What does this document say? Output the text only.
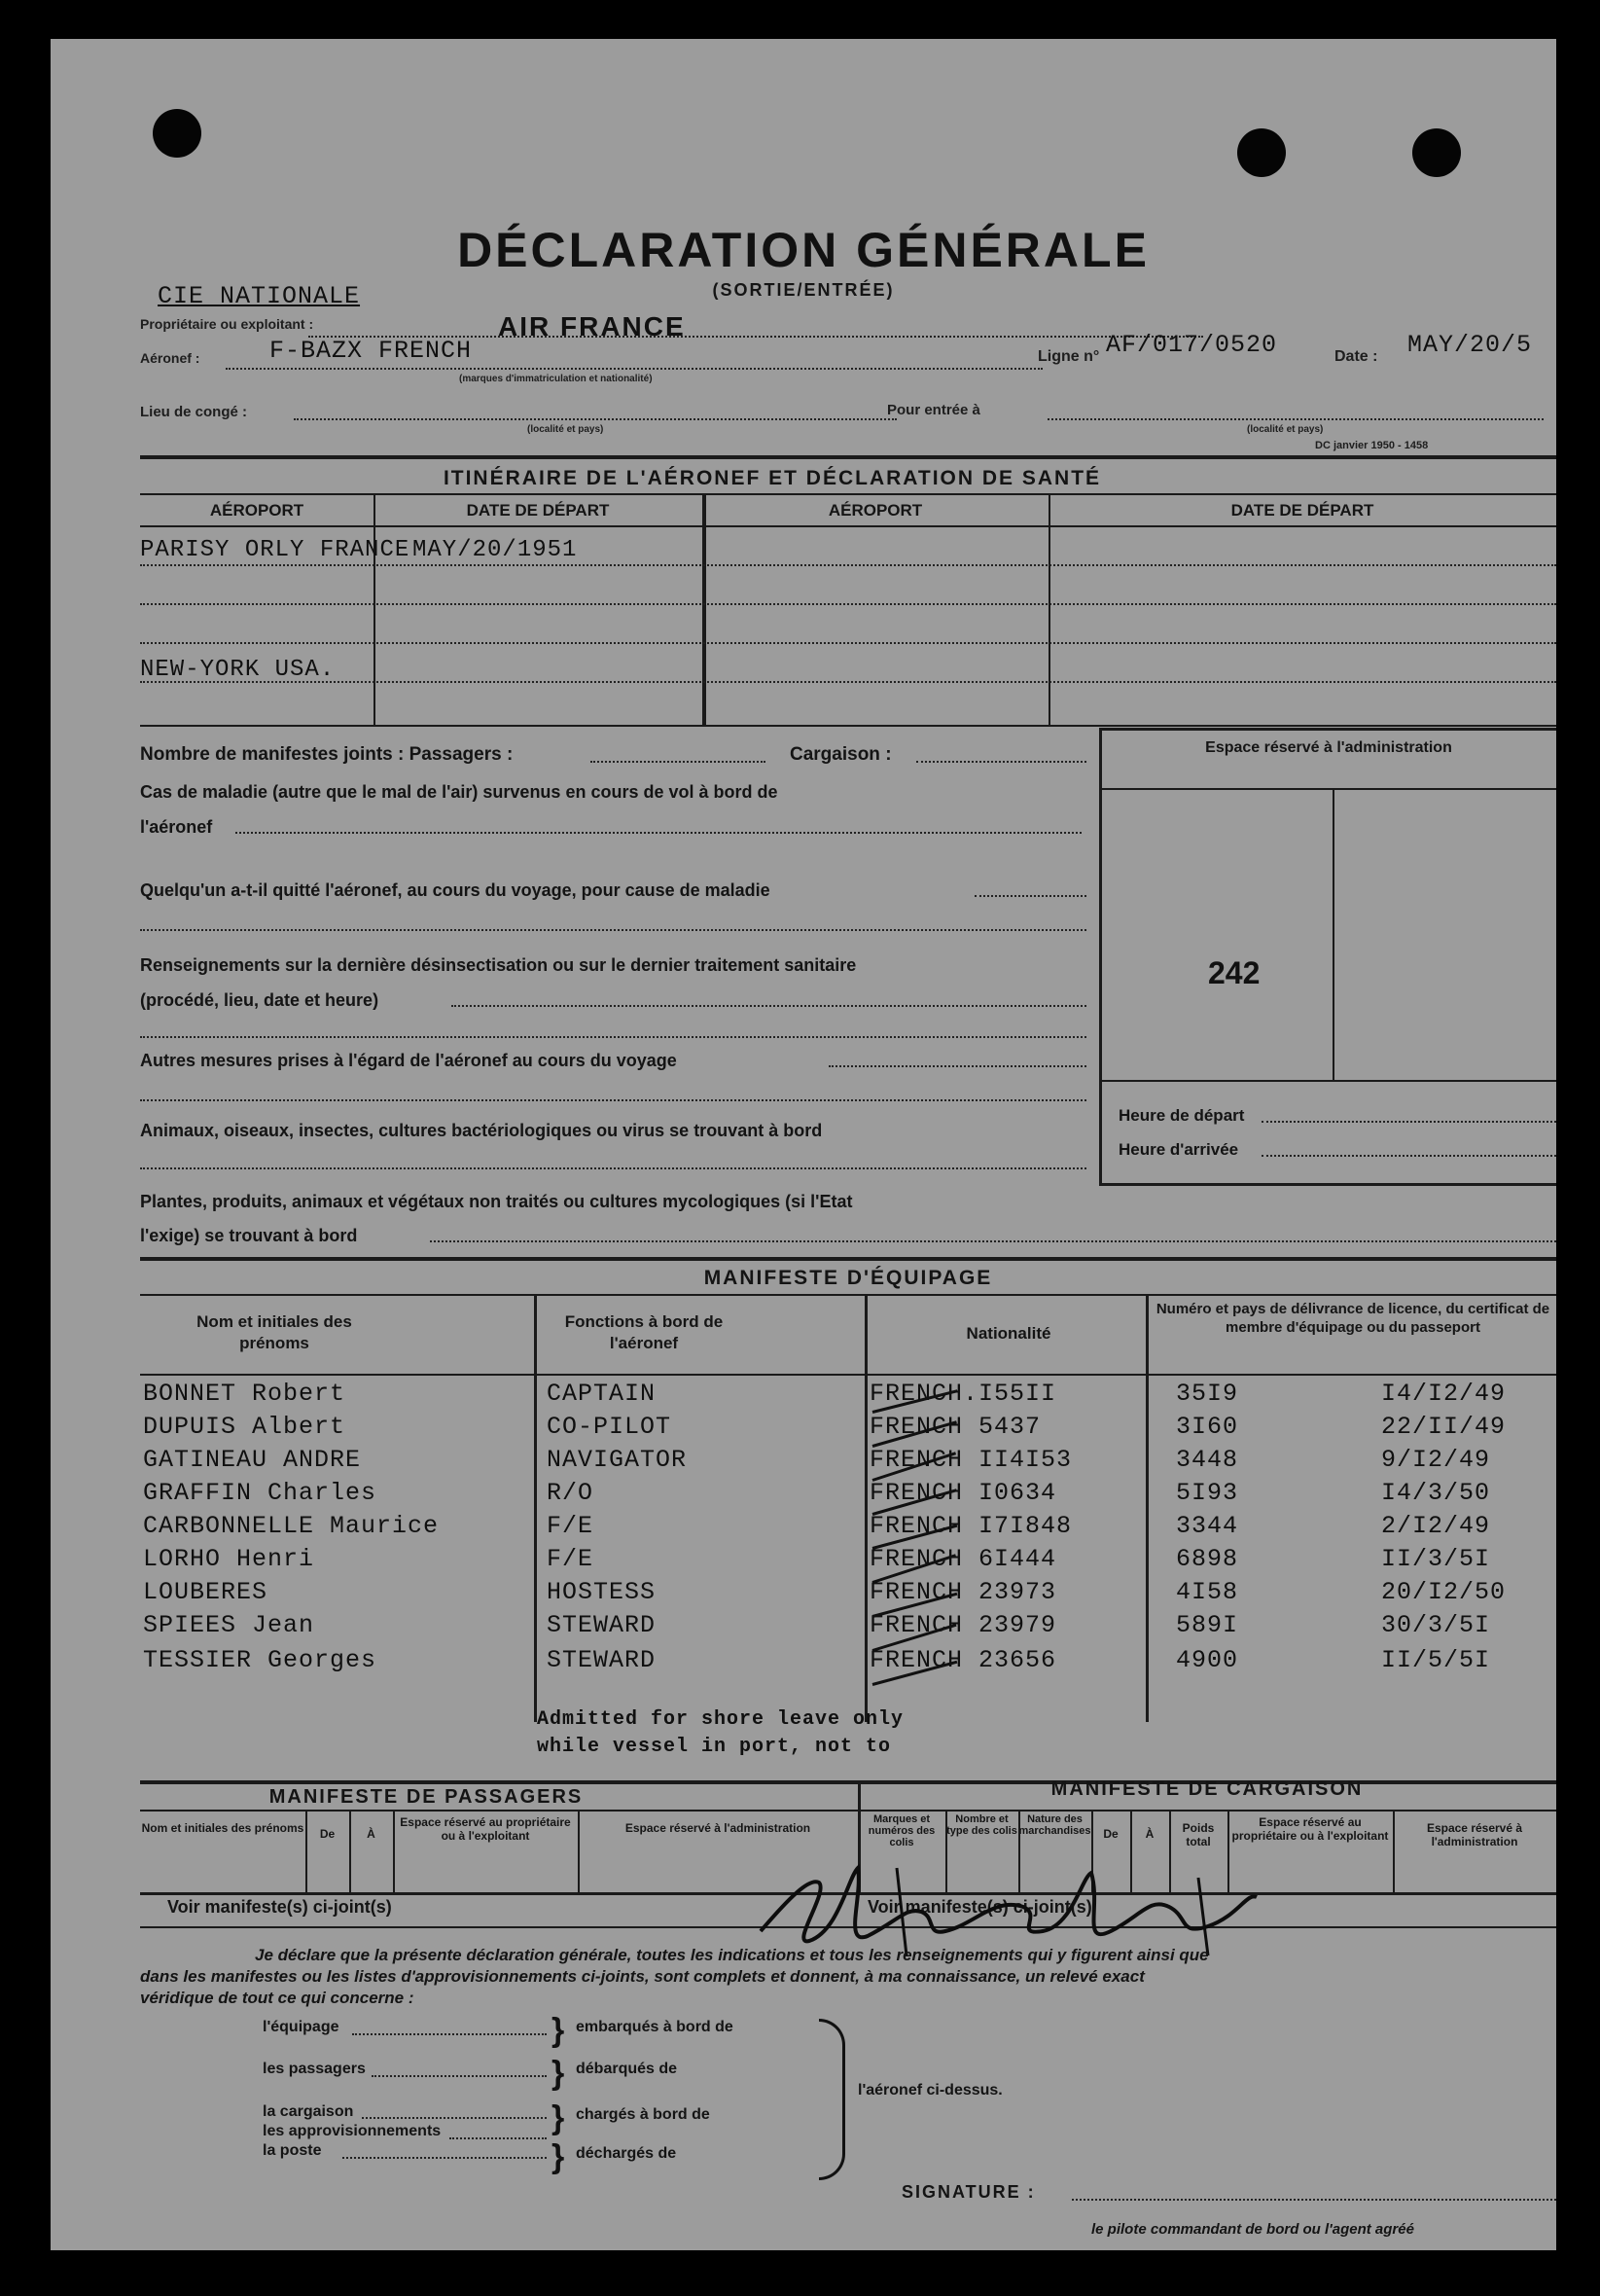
DÉCLARATION GÉNÉRALE
(SORTIE/ENTRÉE)
CIE NATIONALE
Propriétaire ou exploitant :	AIR FRANCE
Aéronef :	F-BAZX FRENCH
(marques d'immatriculation et nationalité)
Ligne n° AF/017/0520	Date : MAY/20/5
Lieu de congé :
(localité et pays)
Pour entrée à
(localité et pays)
DC janvier 1950 - 1458
ITINÉRAIRE DE L'AÉRONEF ET DÉCLARATION DE SANTÉ
AÉROPORT	DATE DE DÉPART	AÉROPORT	DATE DE DÉPART
PARISY ORLY FRANCE MAY/20/1951
NEW-YORK USA.
Nombre de manifestes joints : Passagers :	Cargaison :
Cas de maladie (autre que le mal de l'air) survenus en cours de vol à bord de
l'aéronef
Quelqu'un a-t-il quitté l'aéronef, au cours du voyage, pour cause de maladie
Renseignements sur la dernière désinsectisation ou sur le dernier traitement sanitaire
(procédé, lieu, date et heure)
Autres mesures prises à l'égard de l'aéronef au cours du voyage
Animaux, oiseaux, insectes, cultures bactériologiques ou virus se trouvant à bord
Plantes, produits, animaux et végétaux non traités ou cultures mycologiques (si l'Etat
l'exige) se trouvant à bord
Espace réservé à l'administration
242
Heure de départ
Heure d'arrivée
MANIFESTE D'ÉQUIPAGE
Nom et initiales des prénoms
Fonctions à bord de l'aéronef
Nationalité
Numéro et pays de délivrance de licence, du certificat de membre d'équipage ou du passeport
BONNET Robert	CAPTAIN	FRENCH.I55II	35I9	I4/I2/49
DUPUIS Albert	CO-PILOT	FRENCH 5437	3I60	22/II/49
GATINEAU ANDRE	NAVIGATOR	FRENCH II4I53	3448	9/I2/49
GRAFFIN Charles	R/O	FRENCH I0634	5I93	I4/3/50
CARBONNELLE Maurice	F/E	FRENCH I7I848	3344	2/I2/49
LORHO Henri	F/E	FRENCH 6I444	6898	II/3/5I
LOUBERES	HOSTESS	FRENCH 23973	4I58	20/I2/50
SPIEES Jean	STEWARD	FRENCH 23979	589I	30/3/5I
TESSIER Georges	STEWARD	FRENCH 23656	4900	II/5/5I
Admitted for shore leave only
while vessel in port, not to
MANIFESTE DE PASSAGERS	MANIFESTE DE CARGAISON
Nom et initiales des prénoms	De	À
Espace réservé au propriétaire ou à l'exploitant
Espace réservé à l'administration
Marques et numéros des colis
Nombre et type des colis
Nature des marchandises	De	À	Poids total
Espace réservé au propriétaire ou à l'exploitant
Espace réservé à l'administration
Voir manifeste(s) ci-joint(s)	Voir manifeste(s) ci-joint(s)
Je déclare que la présente déclaration générale, toutes les indications et tous les renseignements qui y figurent ainsi que
dans les manifestes ou les listes d'approvisionnements ci-joints, sont complets et donnent, à ma connaissance, un relevé exact
véridique de tout ce qui concerne :
l'équipage
les passagers
la cargaison
les approvisionnements
la poste
} embarqués à bord de
} débarqués de
} chargés à bord de
} déchargés de
l'aéronef ci-dessus.
SIGNATURE :
le pilote commandant de bord ou l'agent agréé
